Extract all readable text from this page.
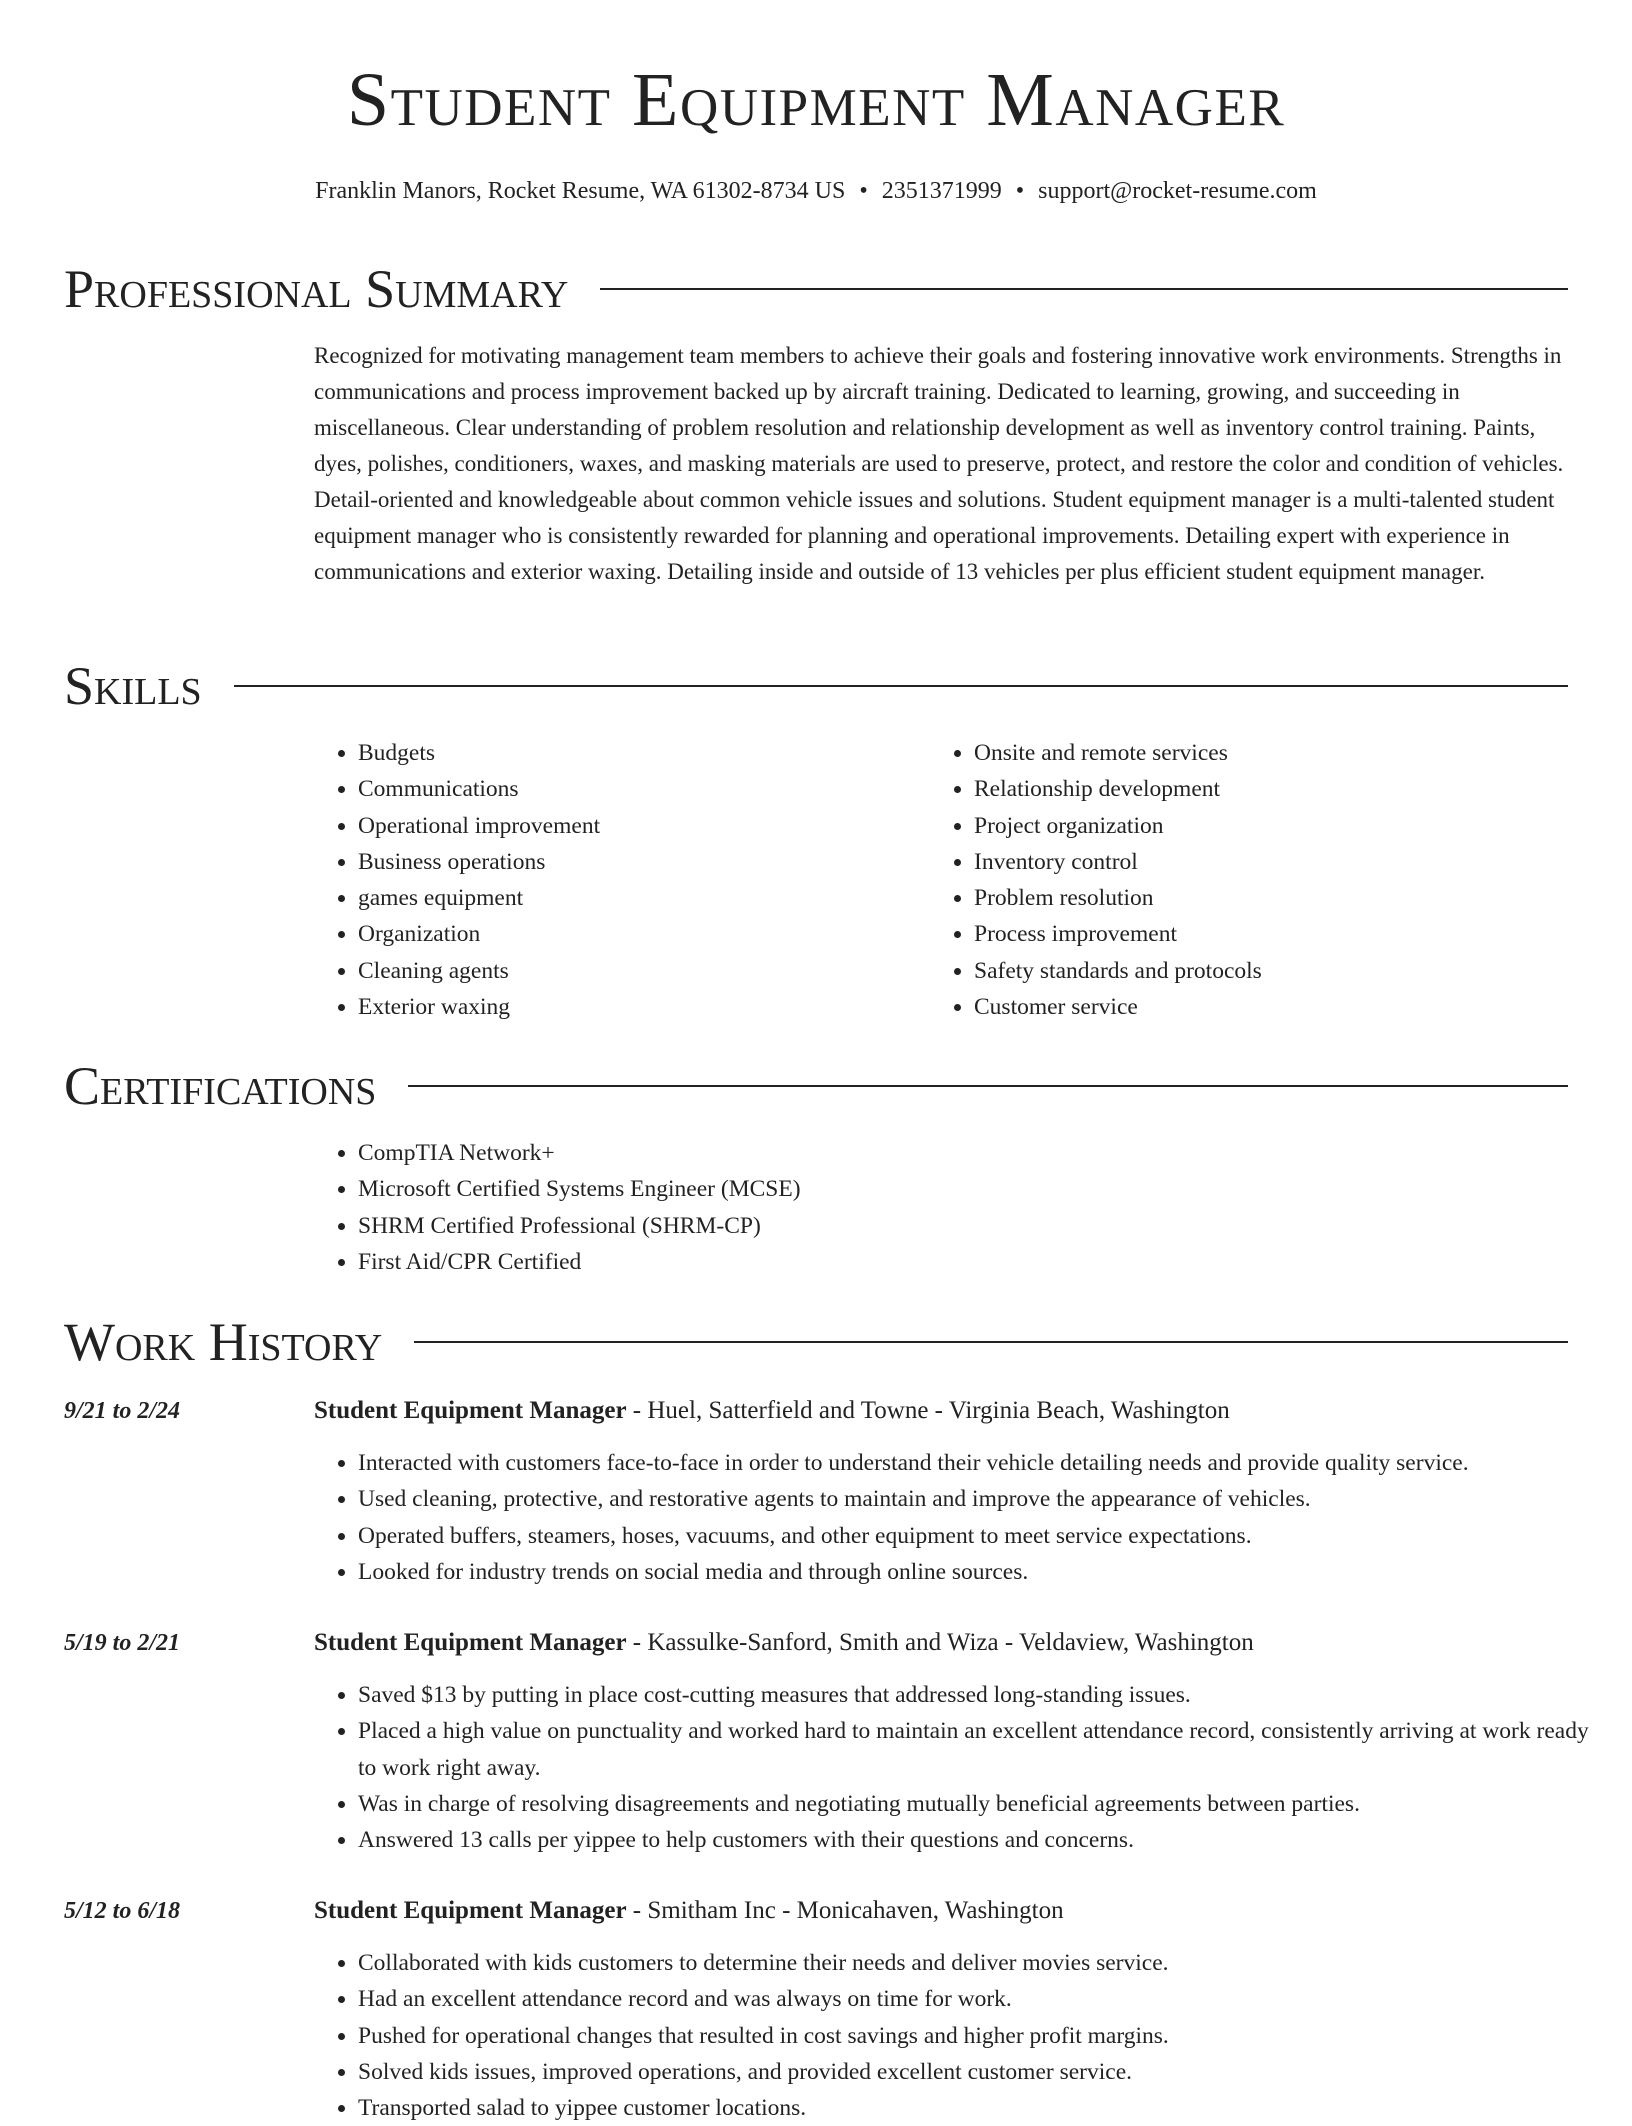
Student Equipment Manager
Franklin Manors, Rocket Resume, WA 61302-8734 US • 2351371999 • support@rocket-resume.com
Professional Summary

Recognized for motivating management team members to achieve their goals and fostering innovative work environments. Strengths in communications and process improvement backed up by aircraft training. Dedicated to learning, growing, and succeeding in miscellaneous. Clear understanding of problem resolution and relationship development as well as inventory control training. Paints, dyes, polishes, conditioners, waxes, and masking materials are used to preserve, protect, and restore the color and condition of vehicles. Detail-oriented and knowledgeable about common vehicle issues and solutions. Student equipment manager is a multi-talented student equipment manager who is consistently rewarded for planning and operational improvements. Detailing expert with experience in communications and exterior waxing. Detailing inside and outside of 13 vehicles per plus efficient student equipment manager.

Skills
• Budgets
• Communications
• Operational improvement
• Business operations
• games equipment
• Organization
• Cleaning agents
• Exterior waxing
• Onsite and remote services
• Relationship development
• Project organization
• Inventory control
• Problem resolution
• Process improvement
• Safety standards and protocols
• Customer service
Certifications
• CompTIA Network+
• Microsoft Certified Systems Engineer (MCSE)
• SHRM Certified Professional (SHRM-CP)
• First Aid/CPR Certified
Work History
9/21 to 2/24	Student Equipment Manager - Huel, Satterfield and Towne - Virginia Beach, Washington
• Interacted with customers face-to-face in order to understand their vehicle detailing needs and provide quality service.
• Used cleaning, protective, and restorative agents to maintain and improve the appearance of vehicles.
• Operated buffers, steamers, hoses, vacuums, and other equipment to meet service expectations.
• Looked for industry trends on social media and through online sources.
5/19 to 2/21	Student Equipment Manager - Kassulke-Sanford, Smith and Wiza - Veldaview, Washington
• Saved $13 by putting in place cost-cutting measures that addressed long-standing issues.
• Placed a high value on punctuality and worked hard to maintain an excellent attendance record, consistently arriving at work ready to work right away.
• Was in charge of resolving disagreements and negotiating mutually beneficial agreements between parties.
• Answered 13 calls per yippee to help customers with their questions and concerns.
5/12 to 6/18	Student Equipment Manager - Smitham Inc - Monicahaven, Washington
• Collaborated with kids customers to determine their needs and deliver movies service.
• Had an excellent attendance record and was always on time for work.
• Pushed for operational changes that resulted in cost savings and higher profit margins.
• Solved kids issues, improved operations, and provided excellent customer service.
• Transported salad to yippee customer locations.
